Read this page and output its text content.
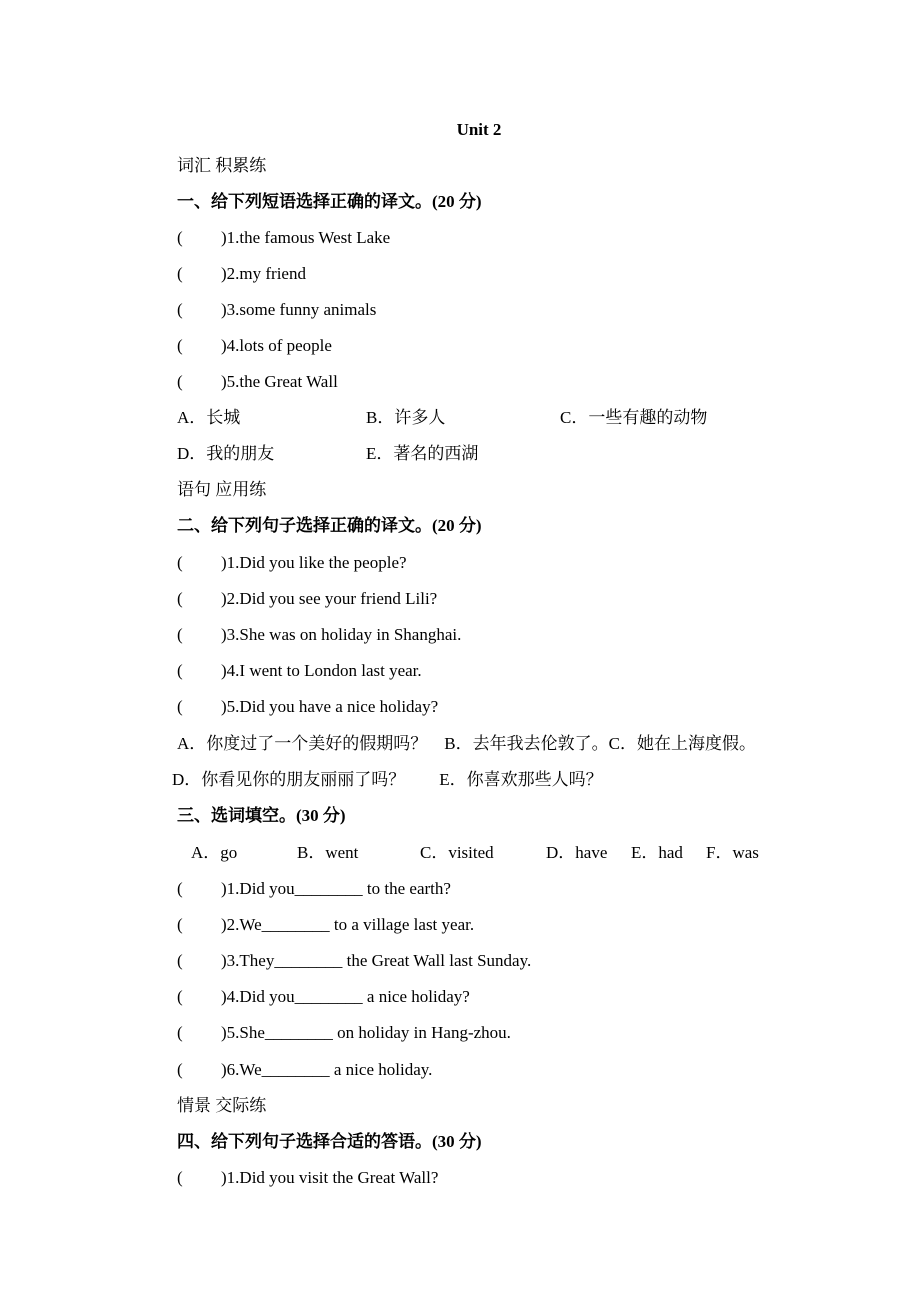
Unit 2
词汇 积累练
一、给下列短语选择正确的译文。(20 分)
( )1.the famous West Lake
( )2.my friend
( )3.some funny animals
( )4.lots of people
( )5.the Great Wall
A．长城	B．许多人	C．一些有趣的动物
D．我的朋友	E．著名的西湖
语句 应用练
二、给下列句子选择正确的译文。(20 分)
( )1.Did you like the people?
( )2.Did you see your friend Lili?
( )3.She was on holiday in Shanghai.
( )4.I went to London last year.
( )5.Did you have a nice holiday?
A．你度过了一个美好的假期吗？　B．去年我去伦敦了。C．她在上海度假。
D．你看见你的朋友丽丽了吗？　　E．你喜欢那些人吗？
三、选词填空。(30 分)
A．go	B．went	C．visited	D．have E．had F．was
( )1.Did you________ to the earth?
( )2.We________ to a village last year.
( )3.They________ the Great Wall last Sunday.
( )4.Did you________ a nice holiday?
( )5.She________ on holiday in Hang-zhou.
( )6.We________ a nice holiday.
情景 交际练
四、给下列句子选择合适的答语。(30 分)
( )1.Did you visit the Great Wall?
